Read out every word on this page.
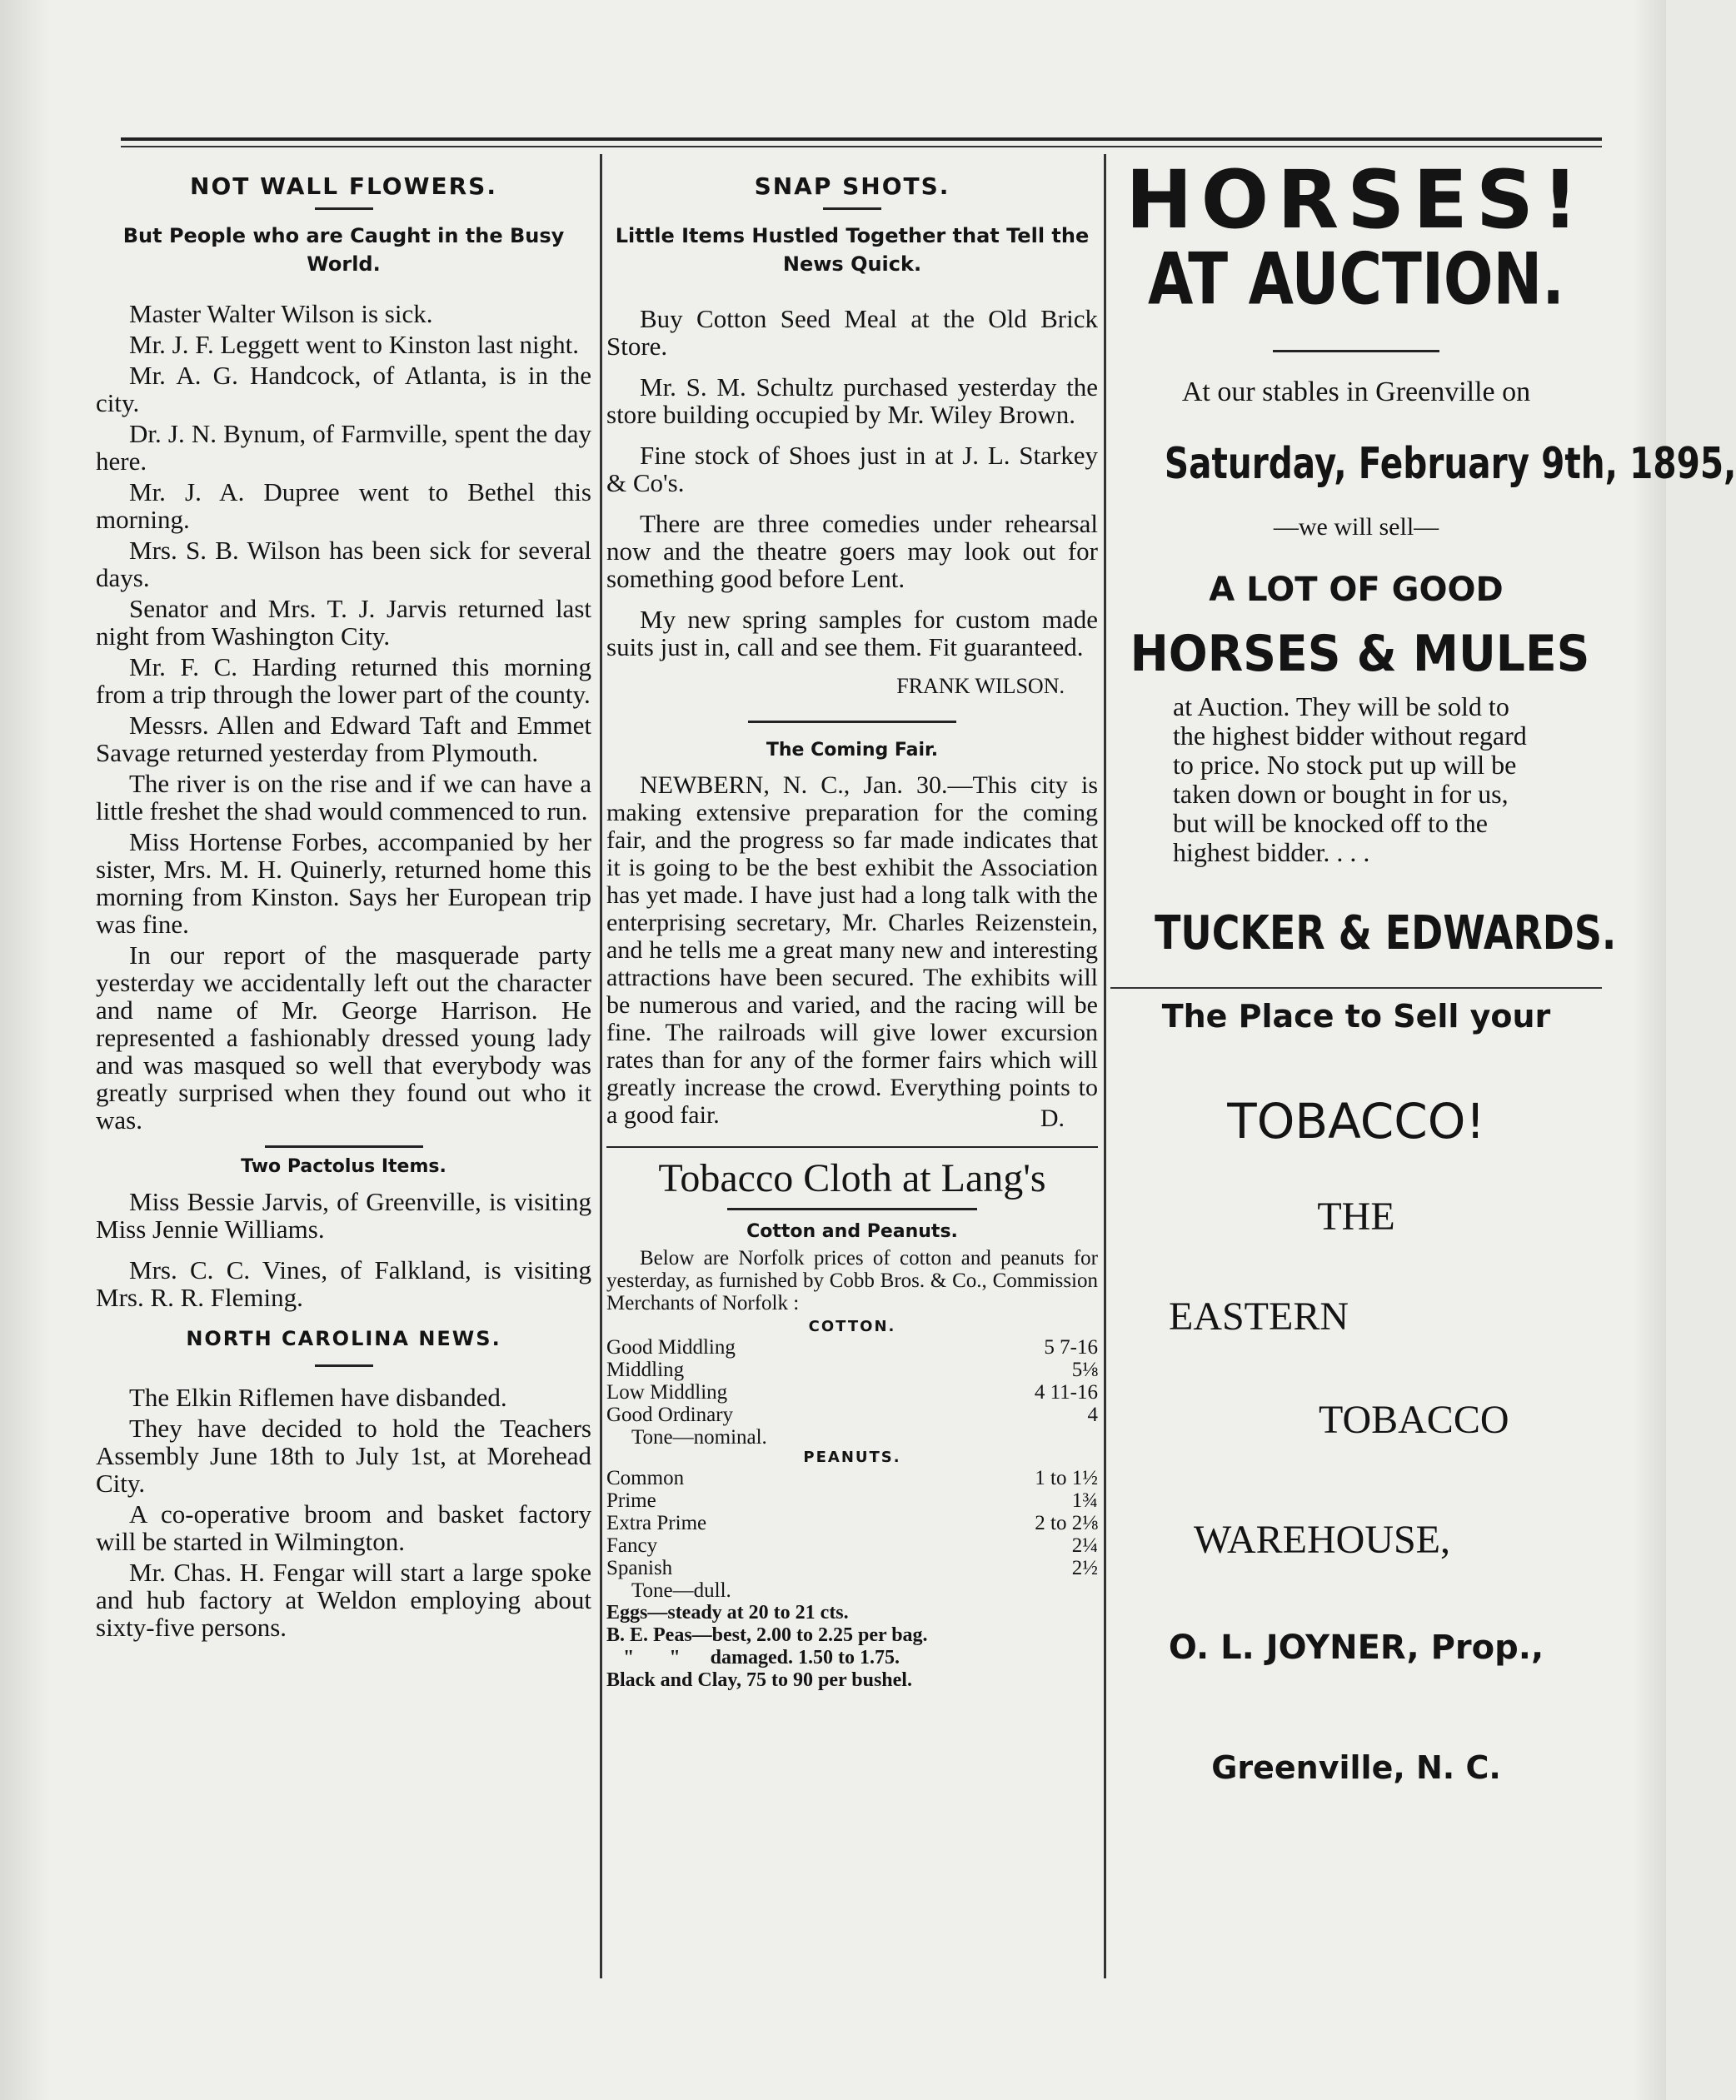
NOT WALL FLOWERS.
But People who are Caught in the Busy World.
Master Walter Wilson is sick.
Mr. J. F. Leggett went to Kinston last night.
Mr. A. G. Handcock, of Atlanta, is in the city.
Dr. J. N. Bynum, of Farmville, spent the day here.
Mr. J. A. Dupree went to Bethel this morning.
Mrs. S. B. Wilson has been sick for several days.
Senator and Mrs. T. J. Jarvis returned last night from Washington City.
Mr. F. C. Harding returned this morning from a trip through the lower part of the county.
Messrs. Allen and Edward Taft and Emmet Savage returned yesterday from Plymouth.
The river is on the rise and if we can have a little freshet the shad would commenced to run.
Miss Hortense Forbes, accompanied by her sister, Mrs. M. H. Quinerly, returned home this morning from Kinston. Says her European trip was fine.
In our report of the masquerade party yesterday we accidentally left out the character and name of Mr. George Harrison. He represented a fashionably dressed young lady and was masqued so well that everybody was greatly surprised when they found out who it was.
Two Pactolus Items.
Miss Bessie Jarvis, of Greenville, is visiting Miss Jennie Williams.
Mrs. C. C. Vines, of Falkland, is visiting Mrs. R. R. Fleming.
NORTH CAROLINA NEWS.
The Elkin Riflemen have disbanded.
They have decided to hold the Teachers Assembly June 18th to July 1st, at Morehead City.
A co-operative broom and basket factory will be started in Wilmington.
Mr. Chas. H. Fengar will start a large spoke and hub factory at Weldon employing about sixty-five persons.
SNAP SHOTS.
Little Items Hustled Together that Tell the News Quick.
Buy Cotton Seed Meal at the Old Brick Store.
Mr. S. M. Schultz purchased yesterday the store building occupied by Mr. Wiley Brown.
Fine stock of Shoes just in at J. L. Starkey & Co's.
There are three comedies under rehearsal now and the theatre goers may look out for something good before Lent.
My new spring samples for custom made suits just in, call and see them. Fit guaranteed.
FRANK WILSON.
The Coming Fair.
NEWBERN, N. C., Jan. 30.—This city is making extensive preparation for the coming fair, and the progress so far made indicates that it is going to be the best exhibit the Association has yet made. I have just had a long talk with the enterprising secretary, Mr. Charles Reizenstein, and he tells me a great many new and interesting attractions have been secured. The exhibits will be numerous and varied, and the racing will be fine. The railroads will give lower excursion rates than for any of the former fairs which will greatly increase the crowd. Everything points to a good fair.	D.
Tobacco Cloth at Lang's
Cotton and Peanuts.
Below are Norfolk prices of cotton and peanuts for yesterday, as furnished by Cobb Bros. & Co., Commission Merchants of Norfolk :
COTTON.
Good Middling	5 7-16
Middling	5⅛
Low Middling	4 11-16
Good Ordinary	4
Tone—nominal.
PEANUTS.
Common	1 to 1½
Prime	1¾
Extra Prime	2 to 2⅛
Fancy	2¼
Spanish	2½
Tone—dull.
Eggs—steady at 20 to 21 cts.
B. E. Peas—best, 2.00 to 2.25 per bag.
"       "      damaged. 1.50 to 1.75.
Black and Clay, 75 to 90 per bushel.
HORSES!
AT AUCTION.
At our stables in Greenville on
Saturday, February 9th, 1895,
—we will sell—
A LOT OF GOOD
HORSES & MULES
at Auction. They will be sold to the highest bidder without regard to price. No stock put up will be taken down or bought in for us, but will be knocked off to the highest bidder. . . .
TUCKER & EDWARDS.
The Place to Sell your
TOBACCO!
THE
EASTERN
TOBACCO
WAREHOUSE,
O. L. JOYNER, Prop.,
Greenville, N. C.
